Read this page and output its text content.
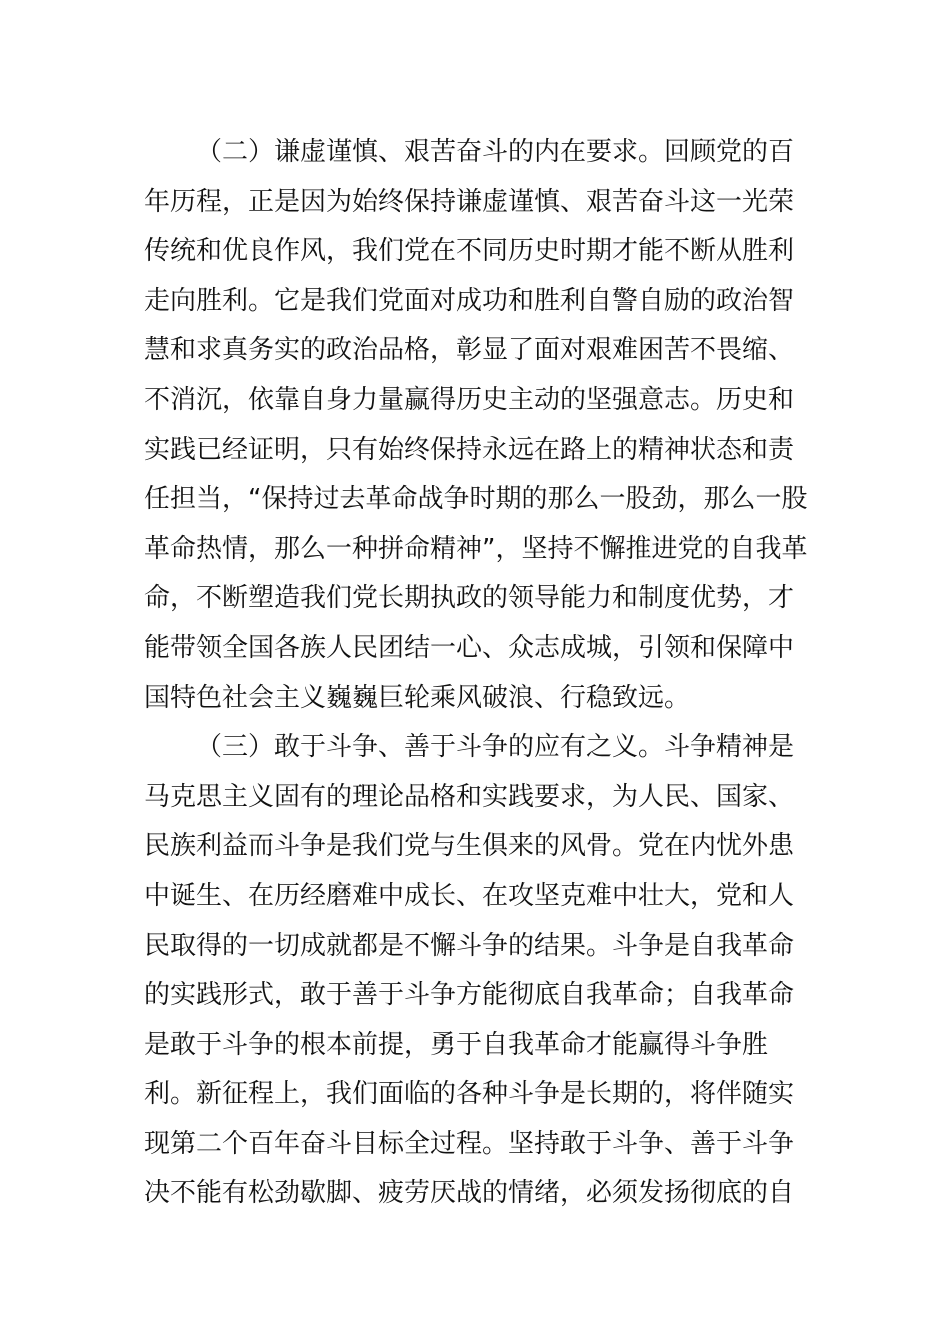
（二）谦虚谨慎、艰苦奋斗的内在要求。回顾党的百
年历程，正是因为始终保持谦虚谨慎、艰苦奋斗这一光荣
传统和优良作风，我们党在不同历史时期才能不断从胜利
走向胜利。它是我们党面对成功和胜利自警自励的政治智
慧和求真务实的政治品格，彰显了面对艰难困苦不畏缩、
不消沉，依靠自身力量赢得历史主动的坚强意志。历史和
实践已经证明，只有始终保持永远在路上的精神状态和责
任担当，“保持过去革命战争时期的那么一股劲，那么一股
革命热情，那么一种拼命精神”，坚持不懈推进党的自我革
命，不断塑造我们党长期执政的领导能力和制度优势，才
能带领全国各族人民团结一心、众志成城，引领和保障中
国特色社会主义巍巍巨轮乘风破浪、行稳致远。
（三）敢于斗争、善于斗争的应有之义。斗争精神是
马克思主义固有的理论品格和实践要求，为人民、国家、
民族利益而斗争是我们党与生俱来的风骨。党在内忧外患
中诞生、在历经磨难中成长、在攻坚克难中壮大，党和人
民取得的一切成就都是不懈斗争的结果。斗争是自我革命
的实践形式，敢于善于斗争方能彻底自我革命；自我革命
是敢于斗争的根本前提，勇于自我革命才能赢得斗争胜
利。新征程上，我们面临的各种斗争是长期的，将伴随实
现第二个百年奋斗目标全过程。坚持敢于斗争、善于斗争
决不能有松劲歇脚、疲劳厌战的情绪，必须发扬彻底的自
